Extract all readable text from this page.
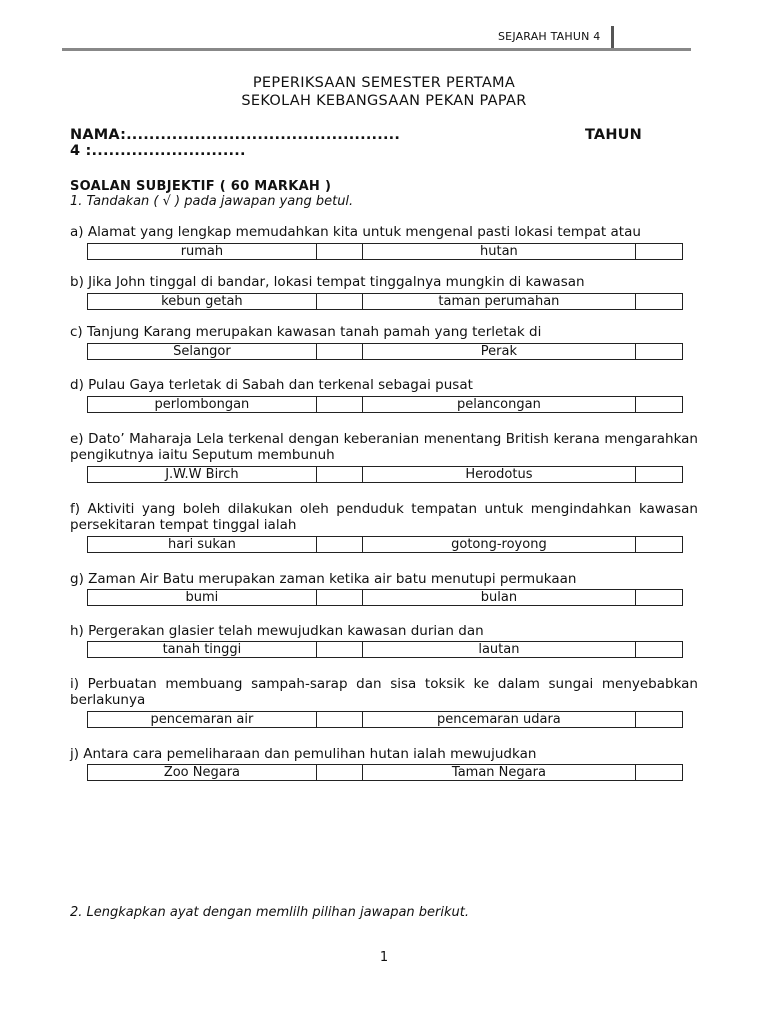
SEJARAH TAHUN 4
PEPERIKSAAN SEMESTER PERTAMA
SEKOLAH KEBANGSAAN PEKAN PAPAR
NAMA:................................................	TAHUN
4 :...........................
SOALAN SUBJEKTIF ( 60 MARKAH )
1. Tandakan ( √ ) pada jawapan yang betul.
a) Alamat yang lengkap memudahkan kita untuk mengenal pasti lokasi tempat atau
rumah	hutan
b) Jika John tinggal di bandar, lokasi tempat tinggalnya mungkin di kawasan
kebun getah	taman perumahan
c) Tanjung Karang merupakan kawasan tanah pamah yang terletak di
Selangor	Perak
d) Pulau Gaya terletak di Sabah dan terkenal sebagai pusat
perlombongan	pelancongan
e) Dato’ Maharaja Lela terkenal dengan keberanian menentang British kerana mengarahkan pengikutnya iaitu Seputum membunuh
J.W.W Birch	Herodotus
f) Aktiviti yang boleh dilakukan oleh penduduk tempatan untuk mengindahkan kawasan persekitaran tempat tinggal ialah
hari sukan	gotong-royong
g) Zaman Air Batu merupakan zaman ketika air batu menutupi permukaan
bumi	bulan
h) Pergerakan glasier telah mewujudkan kawasan durian dan
tanah tinggi	lautan
i) Perbuatan membuang sampah-sarap dan sisa toksik ke dalam sungai menyebabkan berlakunya
pencemaran air	pencemaran udara
j) Antara cara pemeliharaan dan pemulihan hutan ialah mewujudkan
Zoo Negara	Taman Negara
2. Lengkapkan ayat dengan memlilh pilihan jawapan berikut.
1
